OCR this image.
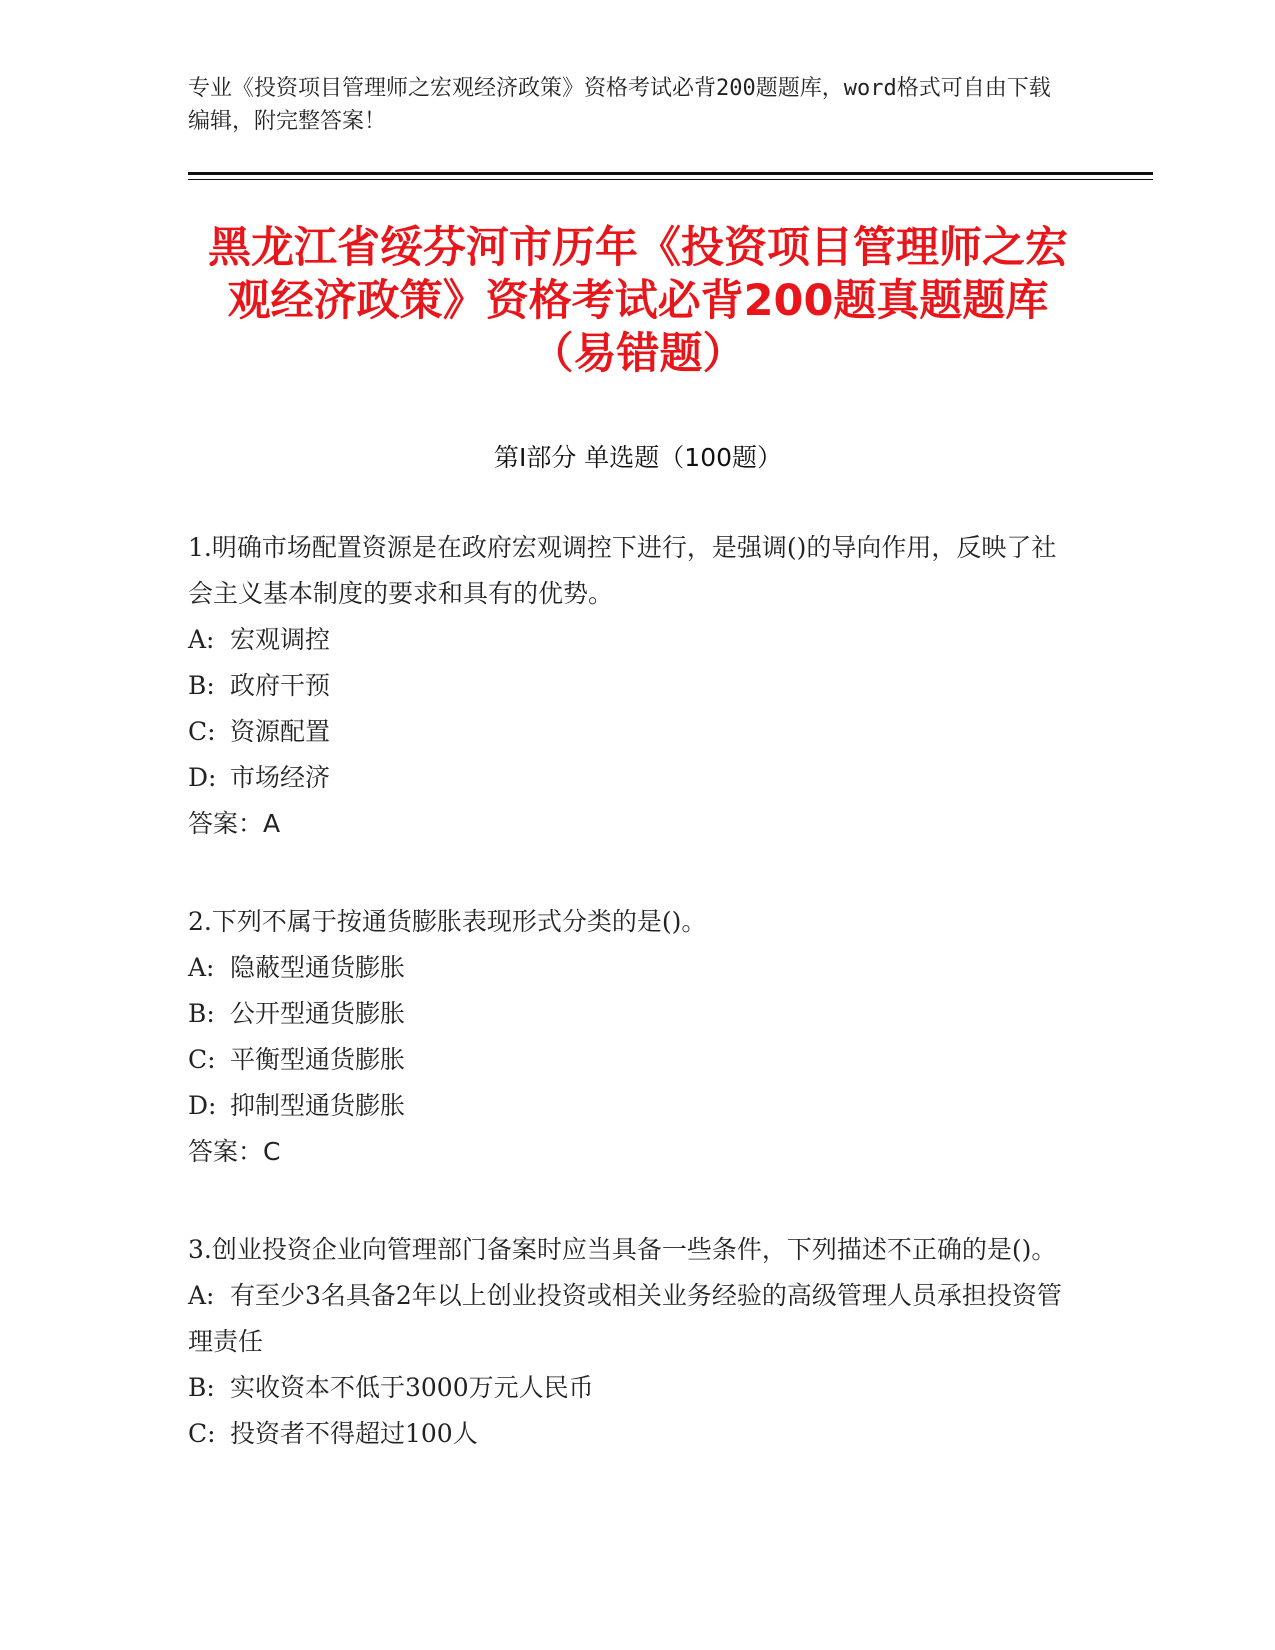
专业《投资项目管理师之宏观经济政策》资格考试必背200题题库，word格式可自由下载编辑，附完整答案！
黑龙江省绥芬河市历年《投资项目管理师之宏观经济政策》资格考试必背200题真题题库（易错题）
第I部分 单选题（100题）
1.明确市场配置资源是在政府宏观调控下进行，是强调()的导向作用，反映了社会主义基本制度的要求和具有的优势。
A: 宏观调控
B: 政府干预
C: 资源配置
D: 市场经济
答案：A
2.下列不属于按通货膨胀表现形式分类的是()。
A: 隐蔽型通货膨胀
B: 公开型通货膨胀
C: 平衡型通货膨胀
D: 抑制型通货膨胀
答案：C
3.创业投资企业向管理部门备案时应当具备一些条件，下列描述不正确的是()。
A: 有至少3名具备2年以上创业投资或相关业务经验的高级管理人员承担投资管理责任
B: 实收资本不低于3000万元人民币
C: 投资者不得超过100人
